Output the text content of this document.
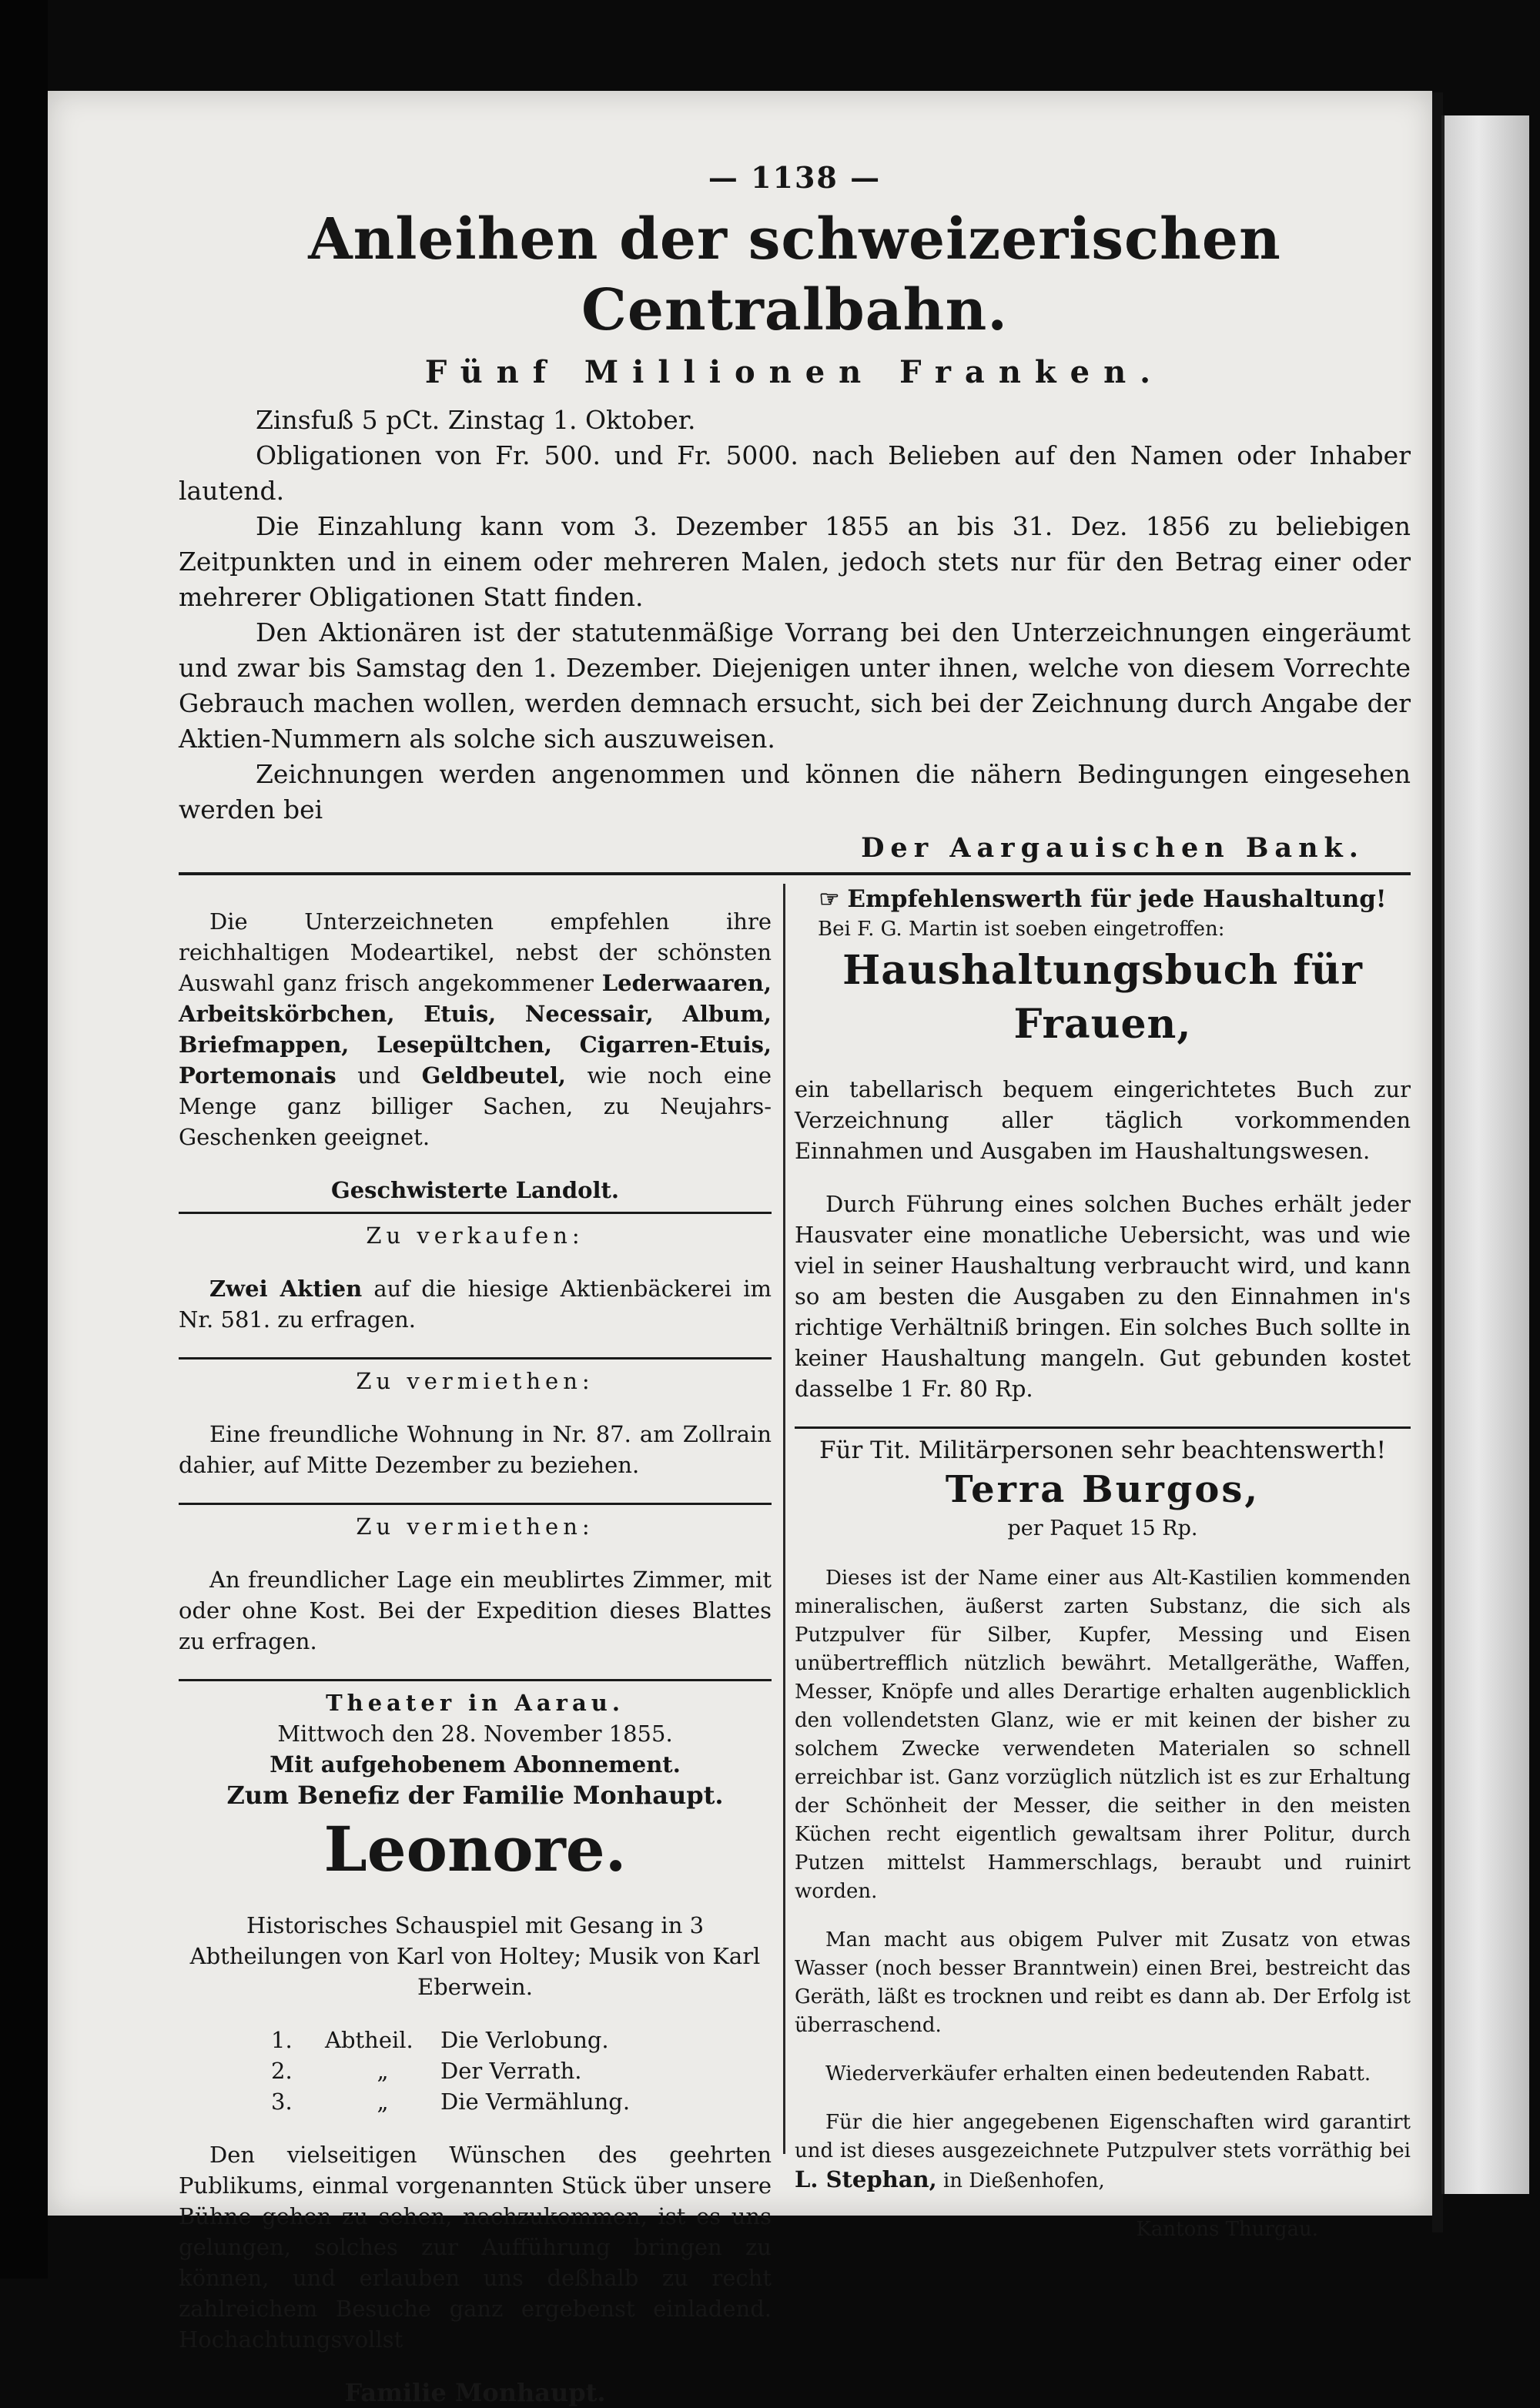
— 1138 —
Anleihen der schweizerischen Centralbahn.
Fünf Millionen Franken.

Zinsfuß 5 pCt. Zinstag 1. Oktober.

Obligationen von Fr. 500. und Fr. 5000. nach Belieben auf den Namen oder Inhaber lautend.

Die Einzahlung kann vom 3. Dezember 1855 an bis 31. Dez. 1856 zu beliebigen Zeitpunkten und in einem oder mehreren Malen, jedoch stets nur für den Betrag einer oder mehrerer Obligationen Statt finden.

Den Aktionären ist der statutenmäßige Vorrang bei den Unterzeichnungen eingeräumt und zwar bis Samstag den 1. Dezember. Diejenigen unter ihnen, welche von diesem Vorrechte Gebrauch machen wollen, werden demnach ersucht, sich bei der Zeichnung durch Angabe der Aktien-Nummern als solche sich auszuweisen.

Zeichnungen werden angenommen und können die nähern Bedingungen eingesehen werden bei

Der Aargauischen Bank.

Die Unterzeichneten empfehlen ihre reichhaltigen Modeartikel, nebst der schönsten Auswahl ganz frisch angekommener Lederwaaren, Arbeitskörbchen, Etuis, Necessair, Album, Briefmappen, Lesepültchen, Cigarren-Etuis, Portemonais und Geldbeutel, wie noch eine Menge ganz billiger Sachen, zu Neujahrs-Geschenken geeignet.

Geschwisterte Landolt.
Zu verkaufen:

Zwei Aktien auf die hiesige Aktienbäckerei im Nr. 581. zu erfragen.

Zu vermiethen:

Eine freundliche Wohnung in Nr. 87. am Zollrain dahier, auf Mitte Dezember zu beziehen.

Zu vermiethen:

An freundlicher Lage ein meublirtes Zimmer, mit oder ohne Kost. Bei der Expedition dieses Blattes zu erfragen.

Theater in Aarau.
Mittwoch den 28. November 1855.
Mit aufgehobenem Abonnement.
Zum Benefiz der Familie Monhaupt.
Leonore.

Historisches Schauspiel mit Gesang in 3 Abtheilungen von Karl von Holtey; Musik von Karl Eberwein.

1.	Abtheil.	Die Verlobung.
2.	„	Der Verrath.
3.	„	Die Vermählung.

Den vielseitigen Wünschen des geehrten Publikums, einmal vorgenannten Stück über unsere Bühne gehen zu sehen, nachzukommen, ist es uns gelungen, solches zur Aufführung bringen zu können, und erlauben uns deßhalb zu recht zahlreichem Besuche ganz ergebenst einladend. Hochachtungsvollst

Familie Monhaupt.
☞ Empfehlenswerth für jede Haushaltung!
Bei F. G. Martin ist soeben eingetroffen:
Haushaltungsbuch für Frauen,

ein tabellarisch bequem eingerichtetes Buch zur Verzeichnung aller täglich vorkommenden Einnahmen und Ausgaben im Haushaltungswesen.

Durch Führung eines solchen Buches erhält jeder Hausvater eine monatliche Uebersicht, was und wie viel in seiner Haushaltung verbraucht wird, und kann so am besten die Ausgaben zu den Einnahmen in's richtige Verhältniß bringen. Ein solches Buch sollte in keiner Haushaltung mangeln. Gut gebunden kostet dasselbe 1 Fr. 80 Rp.

Für Tit. Militärpersonen sehr beachtenswerth!
Terra Burgos,
per Paquet 15 Rp.

Dieses ist der Name einer aus Alt-Kastilien kommenden mineralischen, äußerst zarten Substanz, die sich als Putzpulver für Silber, Kupfer, Messing und Eisen unübertrefflich nützlich bewährt. Metallgeräthe, Waffen, Messer, Knöpfe und alles Derartige erhalten augenblicklich den vollendetsten Glanz, wie er mit keinen der bisher zu solchem Zwecke verwendeten Materialen so schnell erreichbar ist. Ganz vorzüglich nützlich ist es zur Erhaltung der Schönheit der Messer, die seither in den meisten Küchen recht eigentlich gewaltsam ihrer Politur, durch Putzen mittelst Hammerschlags, beraubt und ruinirt worden.

Man macht aus obigem Pulver mit Zusatz von etwas Wasser (noch besser Branntwein) einen Brei, bestreicht das Geräth, läßt es trocknen und reibt es dann ab. Der Erfolg ist überraschend.

Wiederverkäufer erhalten einen bedeutenden Rabatt.

Für die hier angegebenen Eigenschaften wird garantirt und ist dieses ausgezeichnete Putzpulver stets vorräthig bei L. Stephan, in Dießenhofen,

Kantons Thurgau.
